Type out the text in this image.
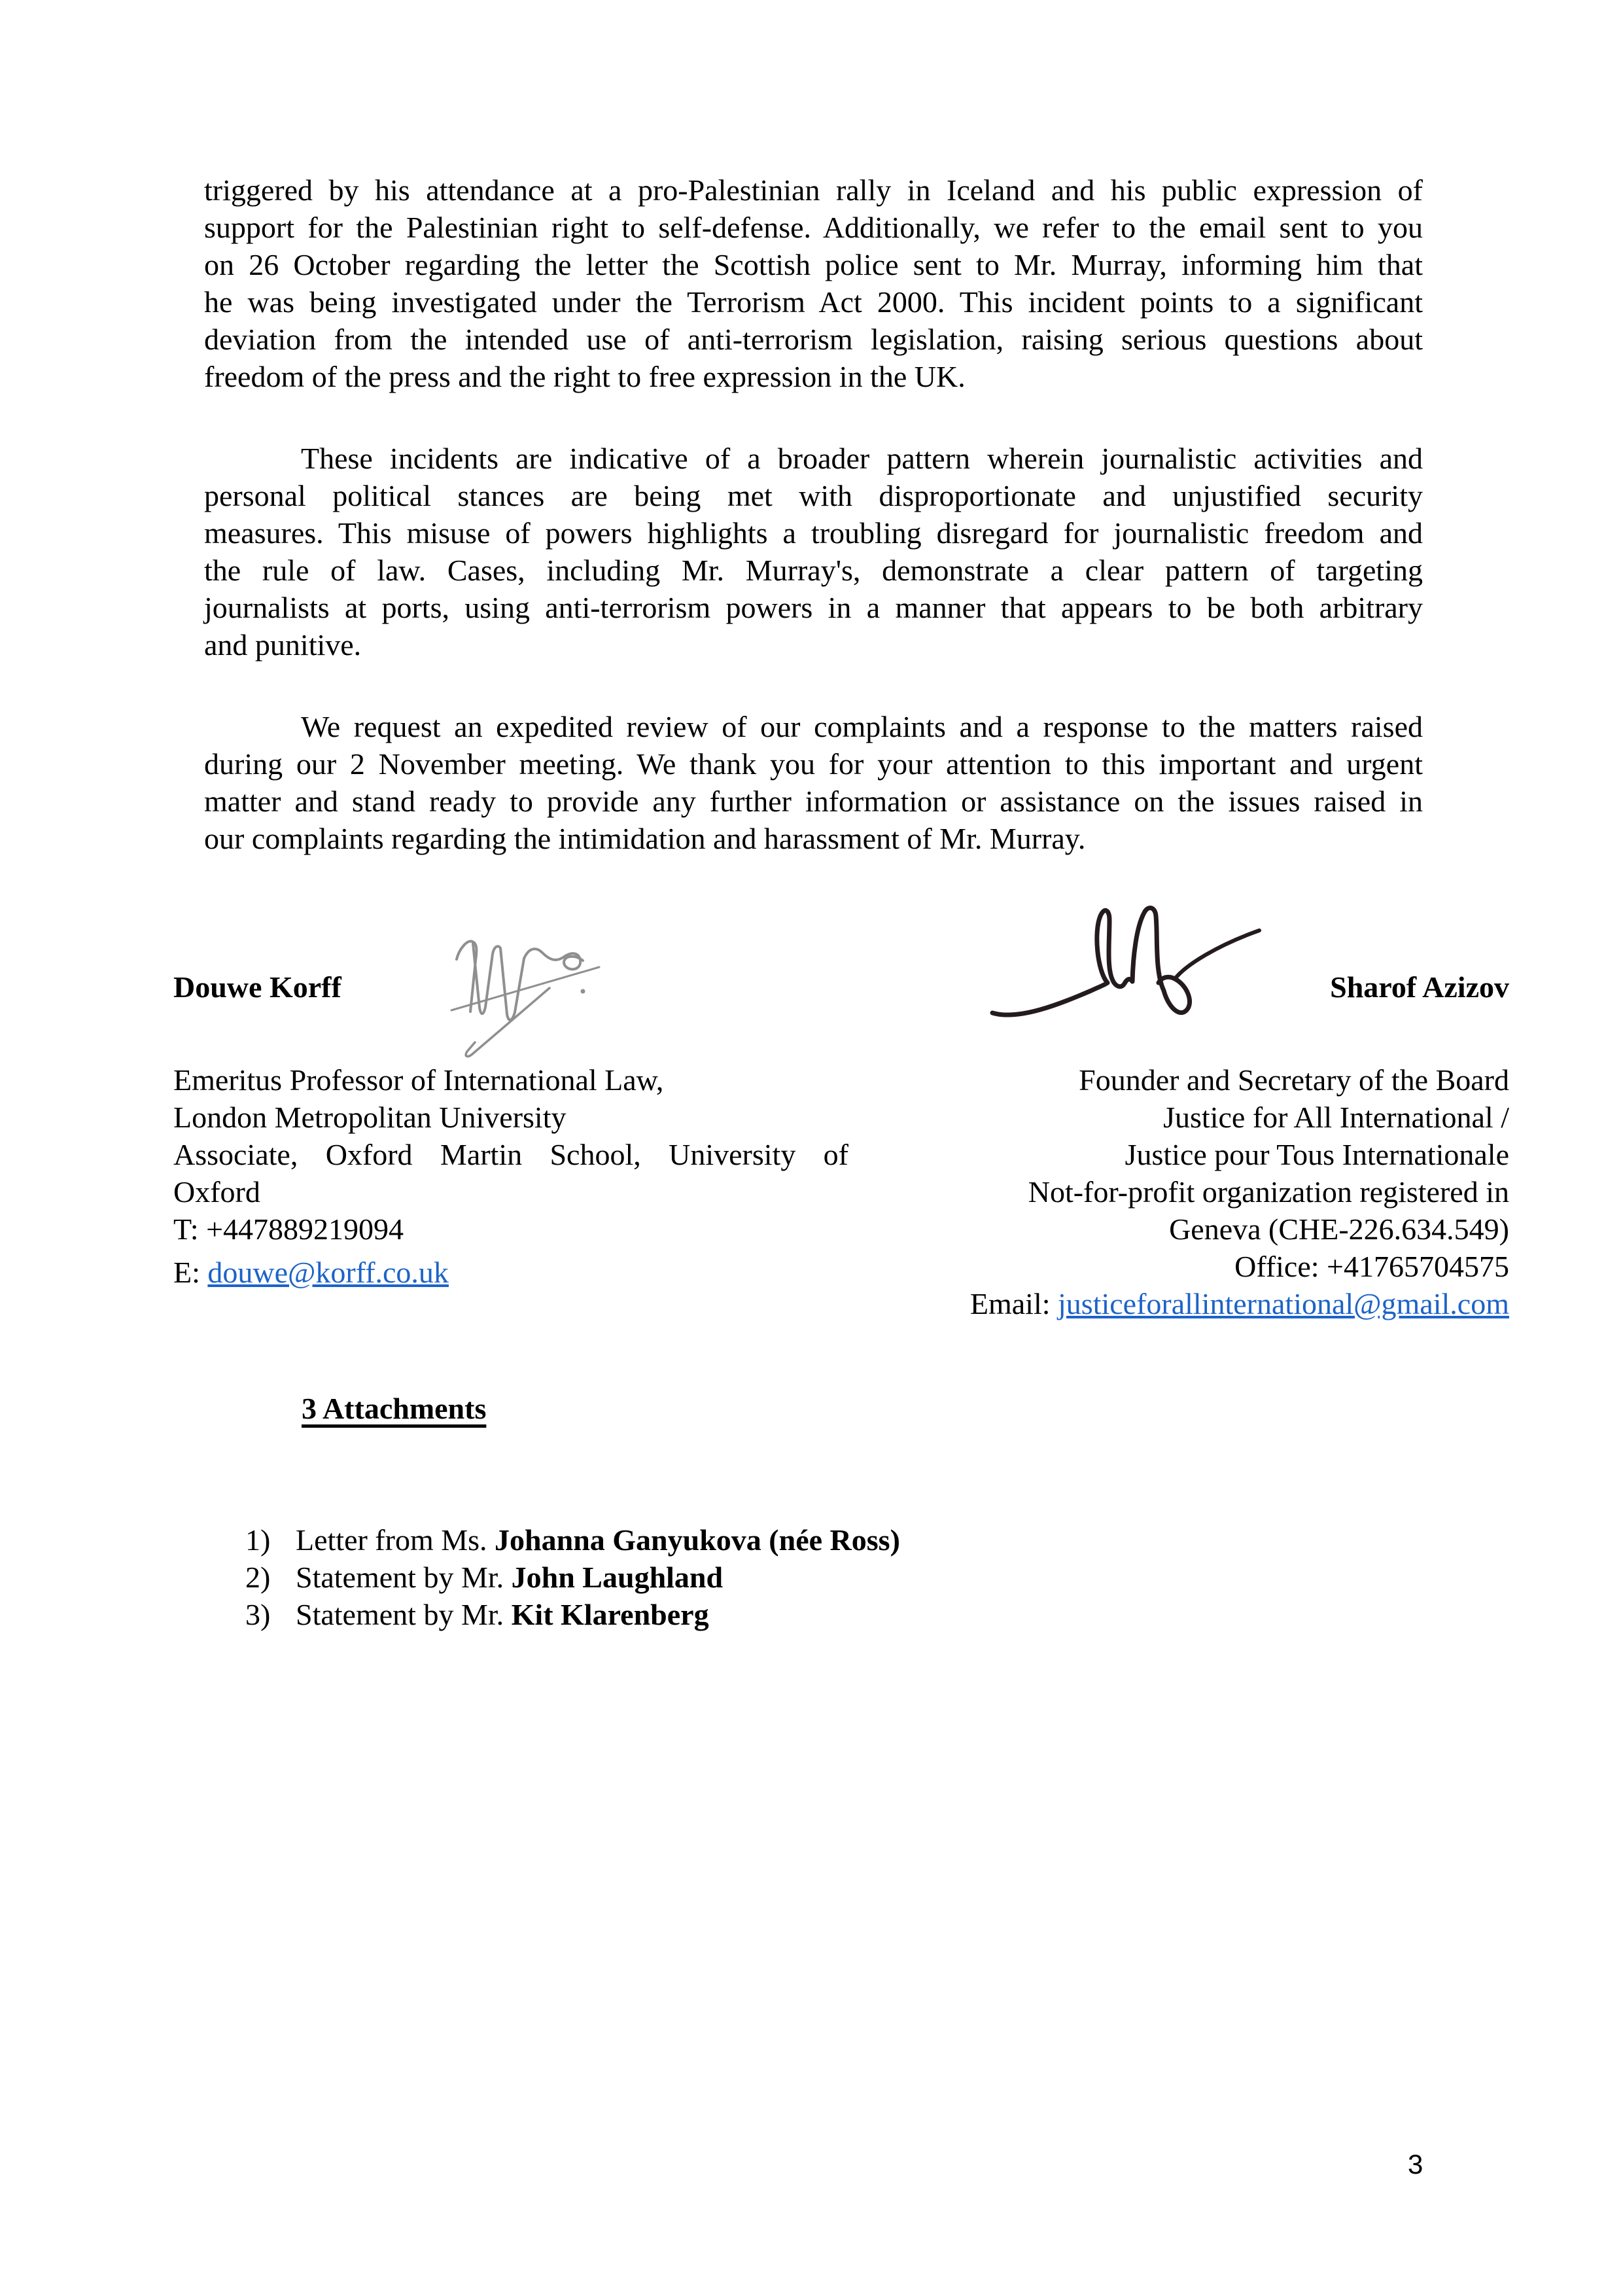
triggered by his attendance at a pro-Palestinian rally in Iceland and his public expression of
support for the Palestinian right to self-defense. Additionally, we refer to the email sent to you
on 26 October regarding the letter the Scottish police sent to Mr. Murray, informing him that
he was being investigated under the Terrorism Act 2000. This incident points to a significant
deviation from the intended use of anti-terrorism legislation, raising serious questions about
freedom of the press and the right to free expression in the UK.
These incidents are indicative of a broader pattern wherein journalistic activities and
personal political stances are being met with disproportionate and unjustified security
measures. This misuse of powers highlights a troubling disregard for journalistic freedom and
the rule of law. Cases, including Mr. Murray's, demonstrate a clear pattern of targeting
journalists at ports, using anti-terrorism powers in a manner that appears to be both arbitrary
and punitive.
We request an expedited review of our complaints and a response to the matters raised
during our 2 November meeting. We thank you for your attention to this important and urgent
matter and stand ready to provide any further information or assistance on the issues raised in
our complaints regarding the intimidation and harassment of Mr. Murray.
Douwe Korff	Sharof Azizov
Emeritus Professor of International Law,
London Metropolitan University
Associate, Oxford Martin School, University of
Oxford
T: +447889219094
E: douwe@korff.co.uk
Founder and Secretary of the Board
Justice for All International /
Justice pour Tous Internationale
Not-for-profit organization registered in
Geneva (CHE-226.634.549)
Office: +41765704575
Email: justiceforallinternational@gmail.com
3 Attachments
1) Letter from Ms. Johanna Ganyukova (née Ross)
2) Statement by Mr. John Laughland
3) Statement by Mr. Kit Klarenberg
3
